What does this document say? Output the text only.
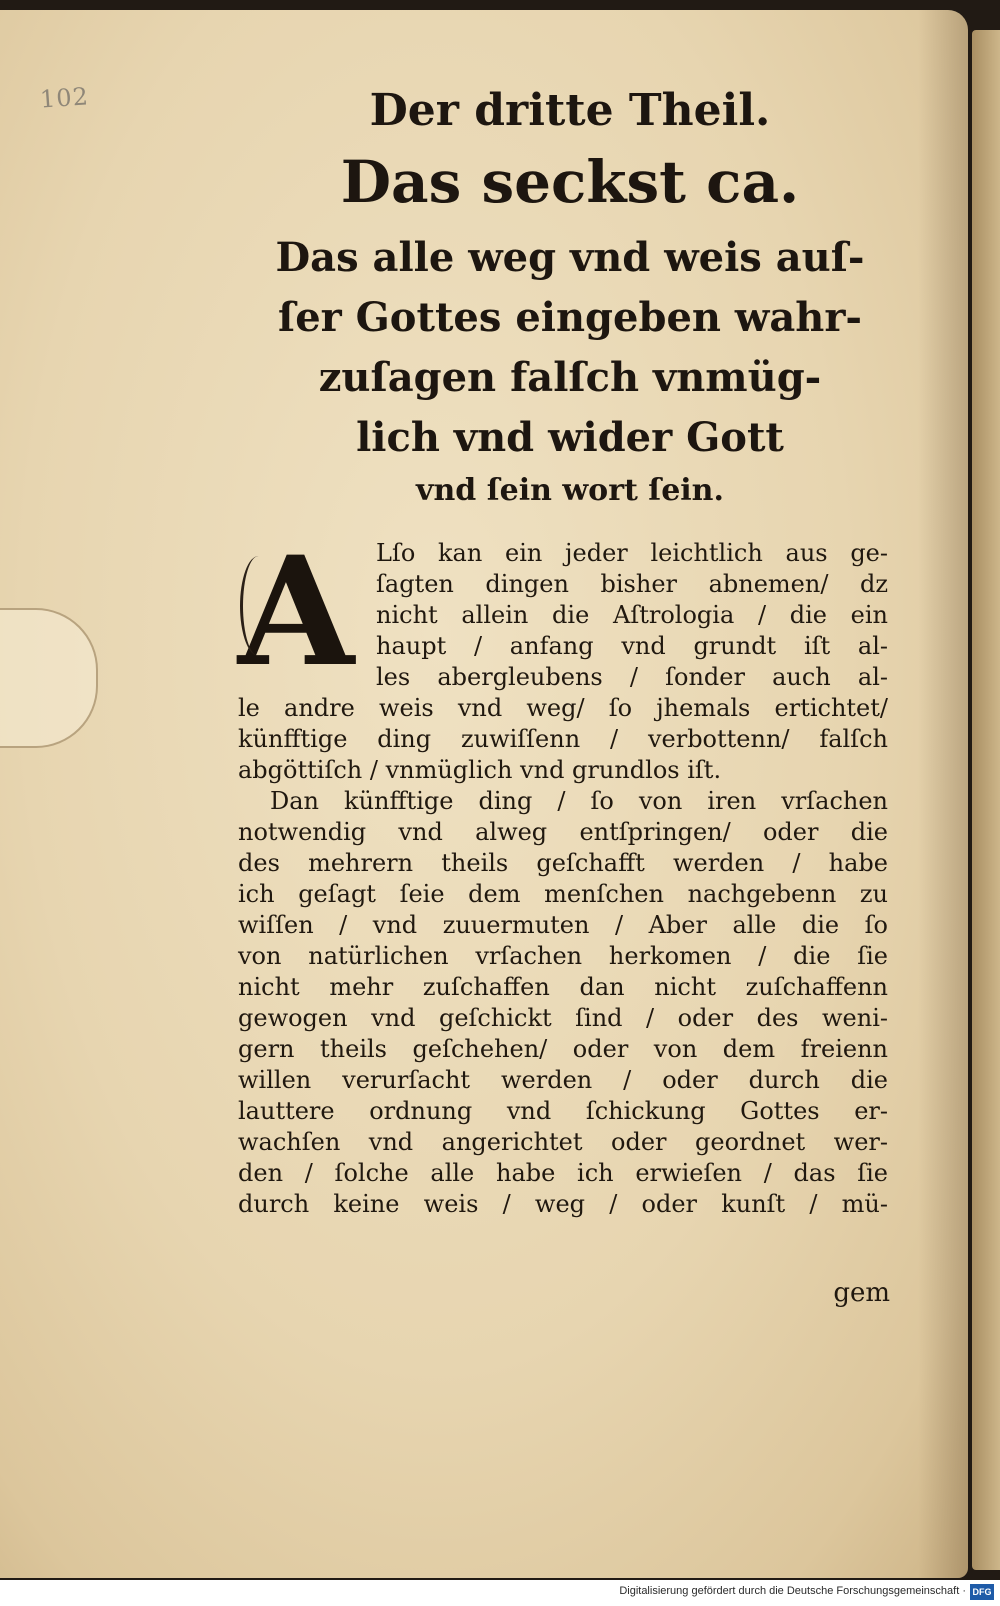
102	Der dritte Theil.
Das seckst ca.
Das alle weg vnd weis auſ-
ſer Gottes eingeben wahr-
zuſagen falſch vnmüg-
lich vnd wider Gott
vnd ſein wort ſein.
A Lſo kan ein jeder leichtlich aus ge-
ſagten dingen bisher abnemen/ dz
nicht allein die Aſtrologia / die ein
haupt / anfang vnd grundt iſt al-
les abergleubens / ſonder auch al-
le andre weis vnd weg/ ſo jhemals ertichtet/
künfftige ding zuwiſſenn / verbottenn/ falſch
abgöttiſch / vnmüglich vnd grundlos iſt.
Dan künfftige ding / ſo von iren vrſachen
notwendig vnd alweg entſpringen/ oder die
des mehrern theils geſchafft werden / habe
ich geſagt ſeie dem menſchen nachgebenn zu
wiſſen / vnd zuuermuten / Aber alle die ſo
von natürlichen vrſachen herkomen / die ſie
nicht mehr zuſchaffen dan nicht zuſchaffenn
gewogen vnd geſchickt ſind / oder des weni-
gern theils geſchehen/ oder von dem freienn
willen verurſacht werden / oder durch die
lauttere ordnung vnd ſchickung Gottes er-
wachſen vnd angerichtet oder geordnet wer-
den / ſolche alle habe ich erwieſen / das ſie
durch keine weis / weg / oder kunſt / mü-
gem
Digitalisierung gefördert durch die Deutsche Forschungsgemeinschaft · DFG
